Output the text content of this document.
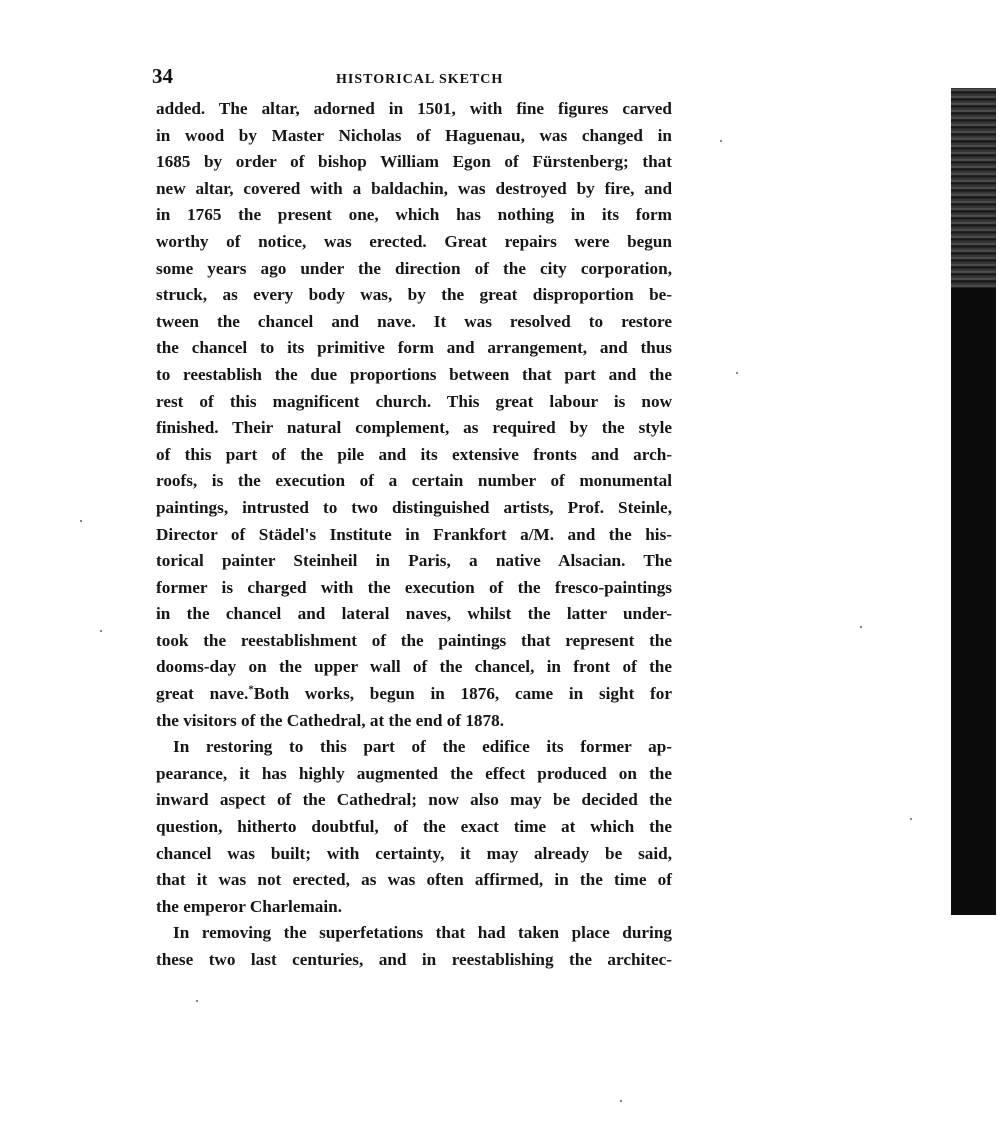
34	HISTORICAL SKETCH
added. The altar, adorned in 1501, with fine figures carved
in wood by Master Nicholas of Haguenau, was changed in
1685 by order of bishop William Egon of Fürstenberg; that
new altar, covered with a baldachin, was destroyed by fire, and
in 1765 the present one, which has nothing in its form
worthy of notice, was erected. Great repairs were begun
some years ago under the direction of the city corporation,
struck, as every body was, by the great disproportion be-
tween the chancel and nave. It was resolved to restore
the chancel to its primitive form and arrangement, and thus
to reestablish the due proportions between that part and the
rest of this magnificent church. This great labour is now
finished. Their natural complement, as required by the style
of this part of the pile and its extensive fronts and arch-
roofs, is the execution of a certain number of monumental
paintings, intrusted to two distinguished artists, Prof. Steinle,
Director of Städel's Institute in Frankfort a/M. and the his-
torical painter Steinheil in Paris, a native Alsacian. The
former is charged with the execution of the fresco-paintings
in the chancel and lateral naves, whilst the latter under-
took the reestablishment of the paintings that represent the
dooms-day on the upper wall of the chancel, in front of the
great nave.*Both works, begun in 1876, came in sight for
the visitors of the Cathedral, at the end of 1878.
In restoring to this part of the edifice its former ap-
pearance, it has highly augmented the effect produced on the
inward aspect of the Cathedral; now also may be decided the
question, hitherto doubtful, of the exact time at which the
chancel was built; with certainty, it may already be said,
that it was not erected, as was often affirmed, in the time of
the emperor Charlemain.
In removing the superfetations that had taken place during
these two last centuries, and in reestablishing the architec-
